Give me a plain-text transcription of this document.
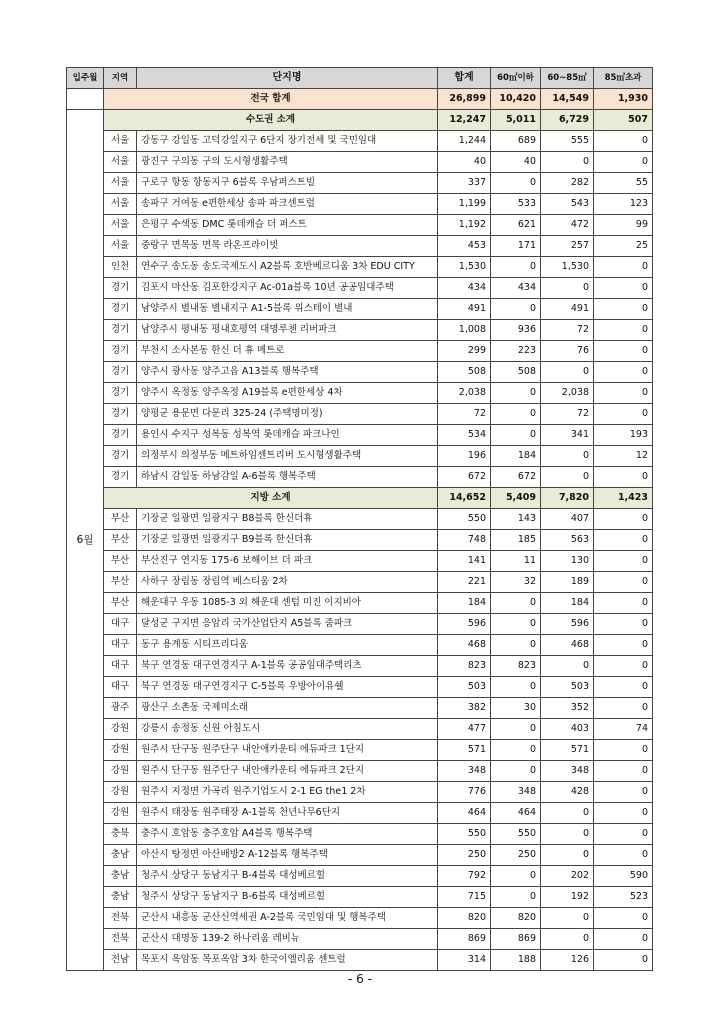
입주월	지역	단지명	합계	60㎡이하	60~85㎡	85㎡초과
	전국 합계		26,899	10,420	14,549	1,930
6월	수도권 소계		12,247	5,011	6,729	507
	서울	강동구 강일동 고덕강일지구 6단지 장기전세 및 국민임대	1,244	689	555	0
	서울	광진구 구의동 구의 도시형생활주택	40	40	0	0
	서울	구로구 항동 항동지구 6블록 우남퍼스트빌	337	0	282	55
	서울	송파구 거여동 e편한세상 송파 파크센트럴	1,199	533	543	123
	서울	은평구 수색동 DMC 롯데캐슬 더 퍼스트	1,192	621	472	99
	서울	중랑구 면목동 면목 라온프라이빗	453	171	257	25
	인천	연수구 송도동 송도국제도시 A2블록 호반베르디움 3차 EDU CITY	1,530	0	1,530	0
	경기	김포시 마산동 김포한강지구 Ac-01a블록 10년 공공임대주택	434	434	0	0
	경기	남양주시 별내동 별내지구 A1-5블록 위스테이 별내	491	0	491	0
	경기	남양주시 평내동 평내호평역 대명루첸 리버파크	1,008	936	72	0
	경기	부천시 소사본동 한신 더 휴 메트로	299	223	76	0
	경기	양주시 광사동 양주고읍 A13블록 행복주택	508	508	0	0
	경기	양주시 옥정동 양주옥정 A19블록 e편한세상 4차	2,038	0	2,038	0
	경기	양평군 용문면 다문리 325-24 (주택명미정)	72	0	72	0
	경기	용인시 수지구 성복동 성복역 롯데캐슬 파크나인	534	0	341	193
	경기	의정부시 의정부동 메트하임센트리버 도시형생활주택	196	184	0	12
	경기	하남시 감일동 하남감일 A-6블록 행복주택	672	672	0	0
	지방 소계		14,652	5,409	7,820	1,423
	부산	기장군 일광면 일광지구 B8블록 한신더휴	550	143	407	0
	부산	기장군 일광면 일광지구 B9블록 한신더휴	748	185	563	0
	부산	부산진구 연지동 175-6 보해이브 더 파크	141	11	130	0
	부산	사하구 장림동 장림역 베스티움 2차	221	32	189	0
	부산	해운대구 우동 1085-3 외 해운대 센텀 미진 이지비아	184	0	184	0
	대구	달성군 구지면 응암리 국가산업단지 A5블록 줌파크	596	0	596	0
	대구	동구 용계동 시티프리디움	468	0	468	0
	대구	북구 연경동 대구연경지구 A-1블록 공공임대주택리츠	823	823	0	0
	대구	북구 연경동 대구연경지구 C-5블록 우방아이유쉘	503	0	503	0
	광주	광산구 소촌동 국제미소래	382	30	352	0
	강원	강릉시 송정동 신원 아침도시	477	0	403	74
	강원	원주시 단구동 원주단구 내안애카운티 에듀파크 1단지	571	0	571	0
	강원	원주시 단구동 원주단구 내안애카운티 에듀파크 2단지	348	0	348	0
	강원	원주시 지정면 가곡리 원주기업도시 2-1 EG the1 2차	776	348	428	0
	강원	원주시 태장동 원주태장 A-1블록 천년나무6단지	464	464	0	0
	충북	충주시 호암동 충주호암 A4블록 행복주택	550	550	0	0
	충남	아산시 탕정면 아산배방2 A-12블록 행복주택	250	250	0	0
	충남	청주시 상당구 동남지구 B-4블록 대성베르힐	792	0	202	590
	충남	청주시 상당구 동남지구 B-6블록 대성베르힐	715	0	192	523
	전북	군산시 내흥동 군산신역세권 A-2블록 국민임대 및 행복주택	820	820	0	0
	전북	군산시 대명동 139-2 하나리움 레비뉴	869	869	0	0
	전남	목포시 옥암동 목포옥암 3차 한국이엘리움 센트럴	314	188	126	0
- 6 -
